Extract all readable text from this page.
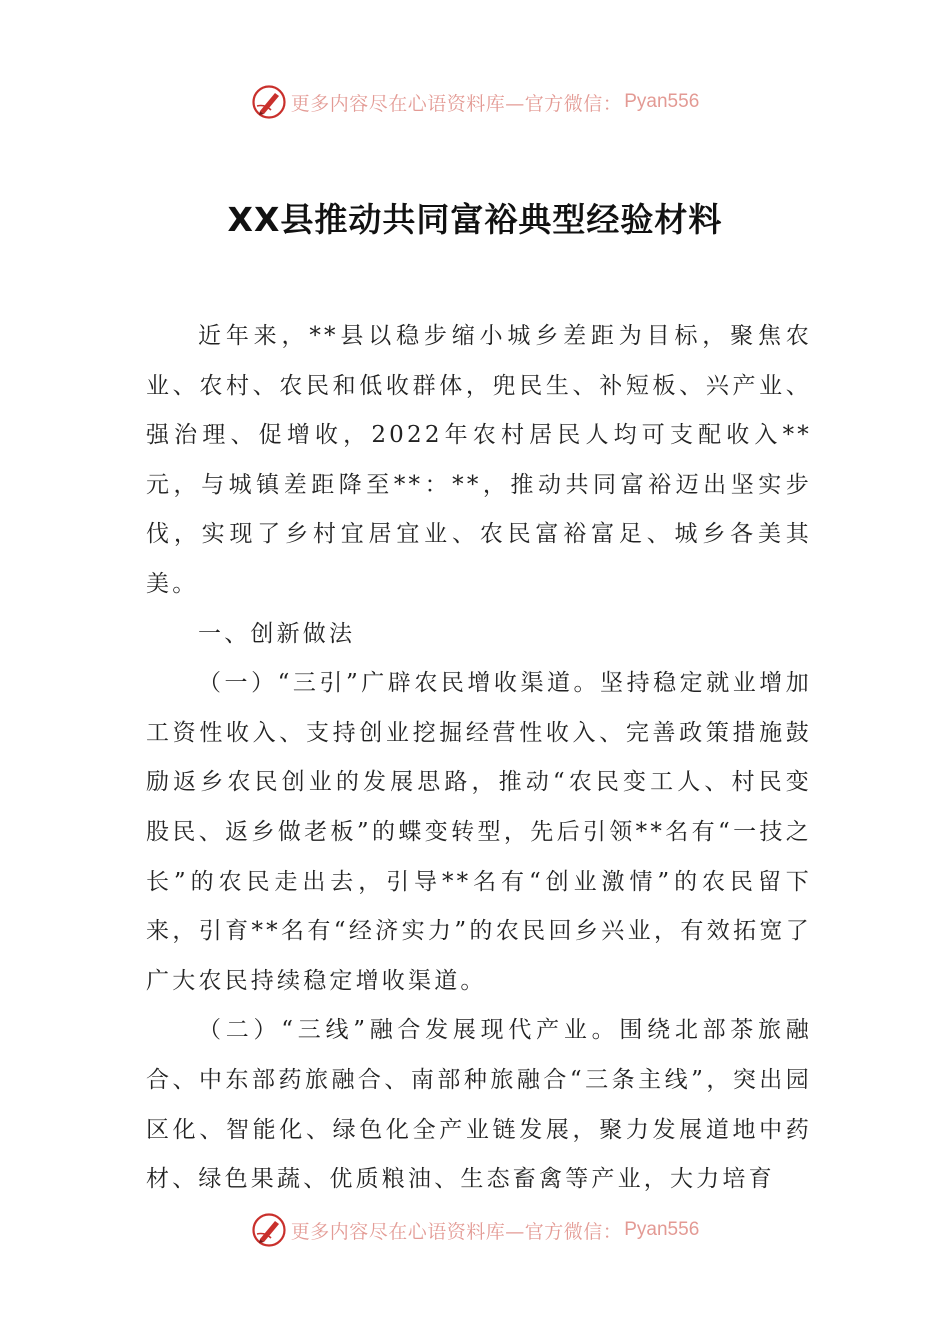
更多内容尽在心语资料库—官方微信： Pyan556
XX县推动共同富裕典型经验材料

近年来，**县以稳步缩小城乡差距为目标，聚焦农业、农村、农民和低收群体，兜民生、补短板、兴产业、强治理、促增收，2022年农村居民人均可支配收入**元，与城镇差距降至**：**，推动共同富裕迈出坚实步伐，实现了乡村宜居宜业、农民富裕富足、城乡各美其美。

一、创新做法

（一）“三引”广辟农民增收渠道。坚持稳定就业增加工资性收入、支持创业挖掘经营性收入、完善政策措施鼓励返乡农民创业的发展思路，推动“农民变工人、村民变股民、返乡做老板”的蝶变转型，先后引领**名有“一技之长”的农民走出去，引导**名有“创业激情”的农民留下来，引育**名有“经济实力”的农民回乡兴业，有效拓宽了广大农民持续稳定增收渠道。

（二）“三线”融合发展现代产业。围绕北部茶旅融合、中东部药旅融合、南部种旅融合“三条主线”，突出园区化、智能化、绿色化全产业链发展，聚力发展道地中药材、绿色果蔬、优质粮油、生态畜禽等产业，大力培育

更多内容尽在心语资料库—官方微信： Pyan556
